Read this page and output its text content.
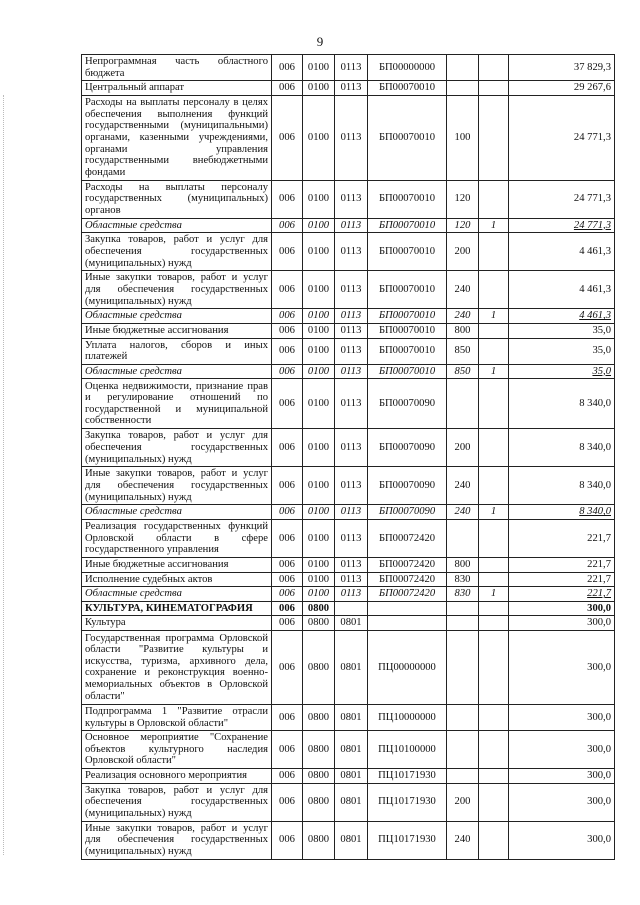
9
Непрограммная часть областного бюджета	006	0100	0113	БП00000000			37 829,3
Центральный аппарат	006	0100	0113	БП00070010			29 267,6
Расходы на выплаты персоналу в целях обеспечения выполнения функций государственными (муниципальными) органами, казенными учреждениями, органами управления государственными внебюджетными фондами	006	0100	0113	БП00070010	100		24 771,3
Расходы на выплаты персоналу государственных (муниципальных) органов	006	0100	0113	БП00070010	120		24 771,3
Областные средства	006	0100	0113	БП00070010	120	1	24 771,3
Закупка товаров, работ и услуг для обеспечения государственных (муниципальных) нужд	006	0100	0113	БП00070010	200		4 461,3
Иные закупки товаров, работ и услуг для обеспечения государственных (муниципальных) нужд	006	0100	0113	БП00070010	240		4 461,3
Областные средства	006	0100	0113	БП00070010	240	1	4 461,3
Иные бюджетные ассигнования	006	0100	0113	БП00070010	800		35,0
Уплата налогов, сборов и иных платежей	006	0100	0113	БП00070010	850		35,0
Областные средства	006	0100	0113	БП00070010	850	1	35,0
Оценка недвижимости, признание прав и регулирование отношений по государственной и муниципальной собственности	006	0100	0113	БП00070090			8 340,0
Закупка товаров, работ и услуг для обеспечения государственных (муниципальных) нужд	006	0100	0113	БП00070090	200		8 340,0
Иные закупки товаров, работ и услуг для обеспечения государственных (муниципальных) нужд	006	0100	0113	БП00070090	240		8 340,0
Областные средства	006	0100	0113	БП00070090	240	1	8 340,0
Реализация государственных функций Орловской области в сфере государственного управления	006	0100	0113	БП00072420			221,7
Иные бюджетные ассигнования	006	0100	0113	БП00072420	800		221,7
Исполнение судебных актов	006	0100	0113	БП00072420	830		221,7
Областные средства	006	0100	0113	БП00072420	830	1	221,7
КУЛЬТУРА, КИНЕМАТОГРАФИЯ	006	0800					300,0
Культура	006	0800	0801				300,0
Государственная программа Орловской области "Развитие культуры и искусства, туризма, архивного дела, сохранение и реконструкция военно-мемориальных объектов в Орловской области"	006	0800	0801	ПЦ00000000			300,0
Подпрограмма 1 "Развитие отрасли культуры в Орловской области"	006	0800	0801	ПЦ10000000			300,0
Основное мероприятие "Сохранение объектов культурного наследия Орловской области"	006	0800	0801	ПЦ10100000			300,0
Реализация основного мероприятия	006	0800	0801	ПЦ10171930			300,0
Закупка товаров, работ и услуг для обеспечения государственных (муниципальных) нужд	006	0800	0801	ПЦ10171930	200		300,0
Иные закупки товаров, работ и услуг для обеспечения государственных (муниципальных) нужд	006	0800	0801	ПЦ10171930	240		300,0
